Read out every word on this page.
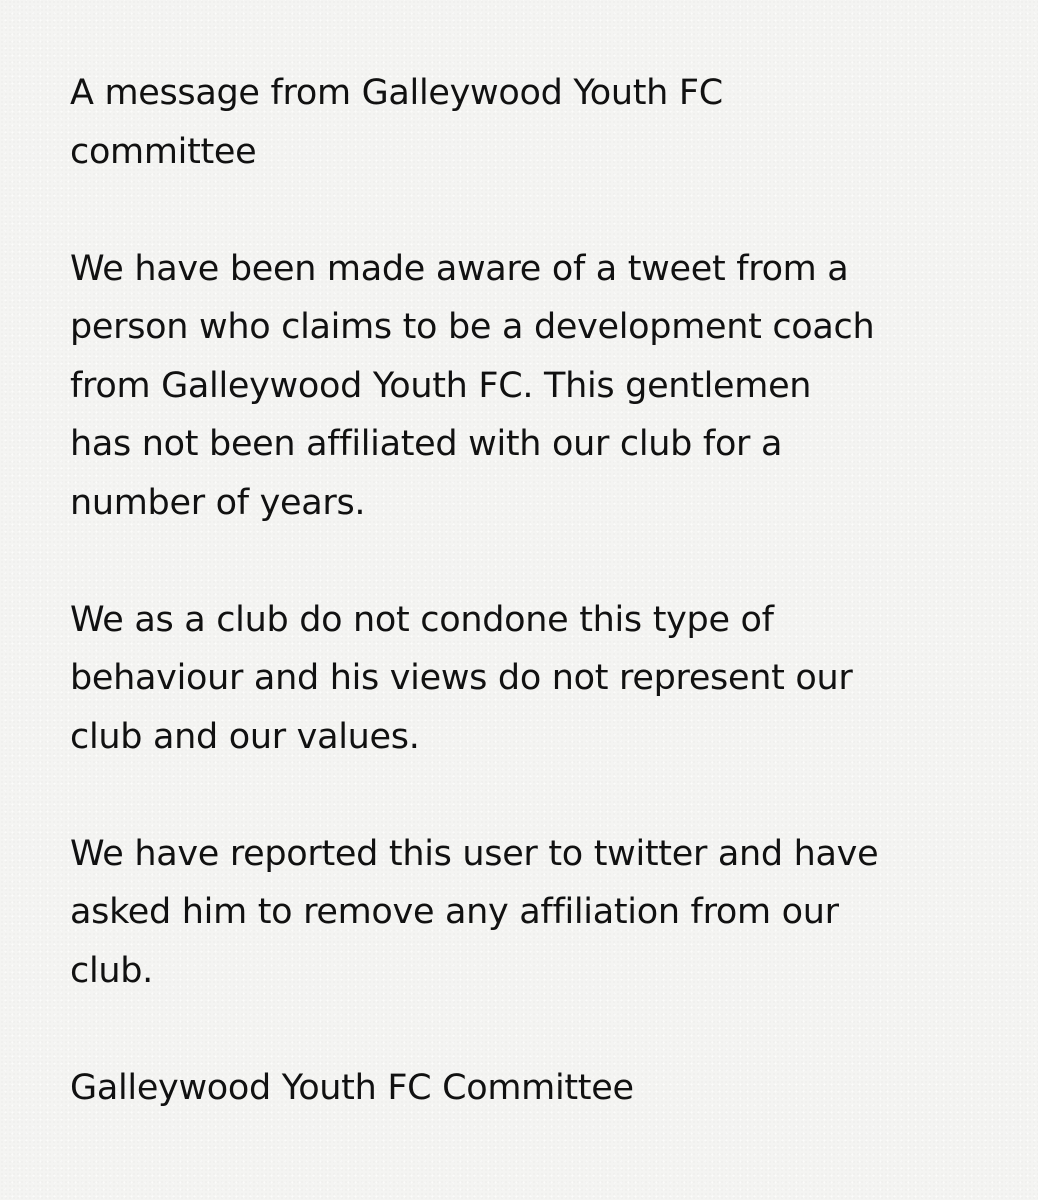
A message from Galleywood Youth FC
committee

We have been made aware of a tweet from a
person who claims to be a development coach
from Galleywood Youth FC. This gentlemen
has not been affiliated with our club for a
number of years.

We as a club do not condone this type of
behaviour and his views do not represent our
club and our values.

We have reported this user to twitter and have
asked him to remove any affiliation from our
club.

Galleywood Youth FC Committee
